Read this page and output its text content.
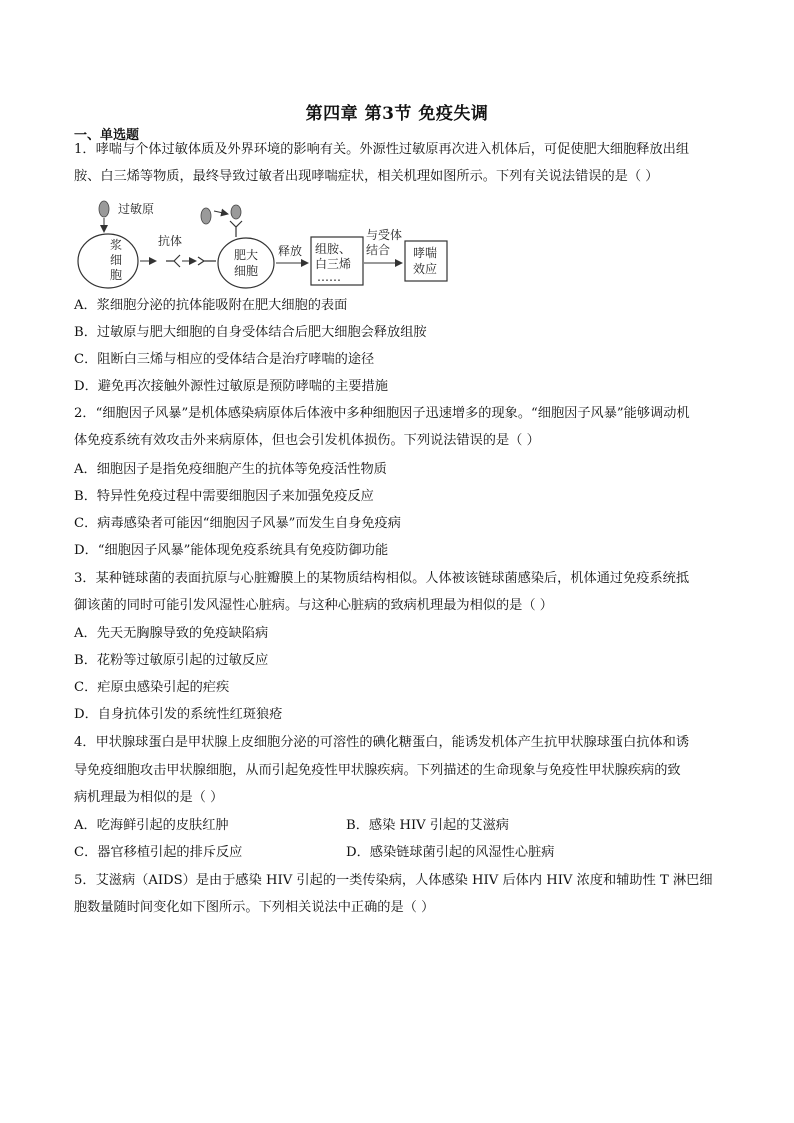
第四章 第3节 免疫失调
一、单选题
1．哮喘与个体过敏体质及外界环境的影响有关。外源性过敏原再次进入机体后，可促使肥大细胞释放出组
胺、白三烯等物质，最终导致过敏者出现哮喘症状，相关机理如图所示。下列有关说法错误的是（ ）
过敏原
浆
细
胞
抗体
肥大
细胞
释放 组胺、
白三烯
……
与受体
结合 哮喘
效应
A．浆细胞分泌的抗体能吸附在肥大细胞的表面
B．过敏原与肥大细胞的自身受体结合后肥大细胞会释放组胺
C．阻断白三烯与相应的受体结合是治疗哮喘的途径
D．避免再次接触外源性过敏原是预防哮喘的主要措施
2．“细胞因子风暴”是机体感染病原体后体液中多种细胞因子迅速增多的现象。“细胞因子风暴”能够调动机
体免疫系统有效攻击外来病原体，但也会引发机体损伤。下列说法错误的是（ ）
A．细胞因子是指免疫细胞产生的抗体等免疫活性物质
B．特异性免疫过程中需要细胞因子来加强免疫反应
C．病毒感染者可能因“细胞因子风暴”而发生自身免疫病
D．“细胞因子风暴”能体现免疫系统具有免疫防御功能
3．某种链球菌的表面抗原与心脏瓣膜上的某物质结构相似。人体被该链球菌感染后，机体通过免疫系统抵
御该菌的同时可能引发风湿性心脏病。与这种心脏病的致病机理最为相似的是（ ）
A．先天无胸腺导致的免疫缺陷病
B．花粉等过敏原引起的过敏反应
C．疟原虫感染引起的疟疾
D．自身抗体引发的系统性红斑狼疮
4．甲状腺球蛋白是甲状腺上皮细胞分泌的可溶性的碘化糖蛋白，能诱发机体产生抗甲状腺球蛋白抗体和诱
导免疫细胞攻击甲状腺细胞，从而引起免疫性甲状腺疾病。下列描述的生命现象与免疫性甲状腺疾病的致
病机理最为相似的是（ ）
A．吃海鲜引起的皮肤红肿	B．感染 HIV 引起的艾滋病
C．器官移植引起的排斥反应	D．感染链球菌引起的风湿性心脏病
5．艾滋病（AIDS）是由于感染 HIV 引起的一类传染病，人体感染 HIV 后体内 HIV 浓度和辅助性 T 淋巴细
胞数量随时间变化如下图所示。下列相关说法中正确的是（ ）
